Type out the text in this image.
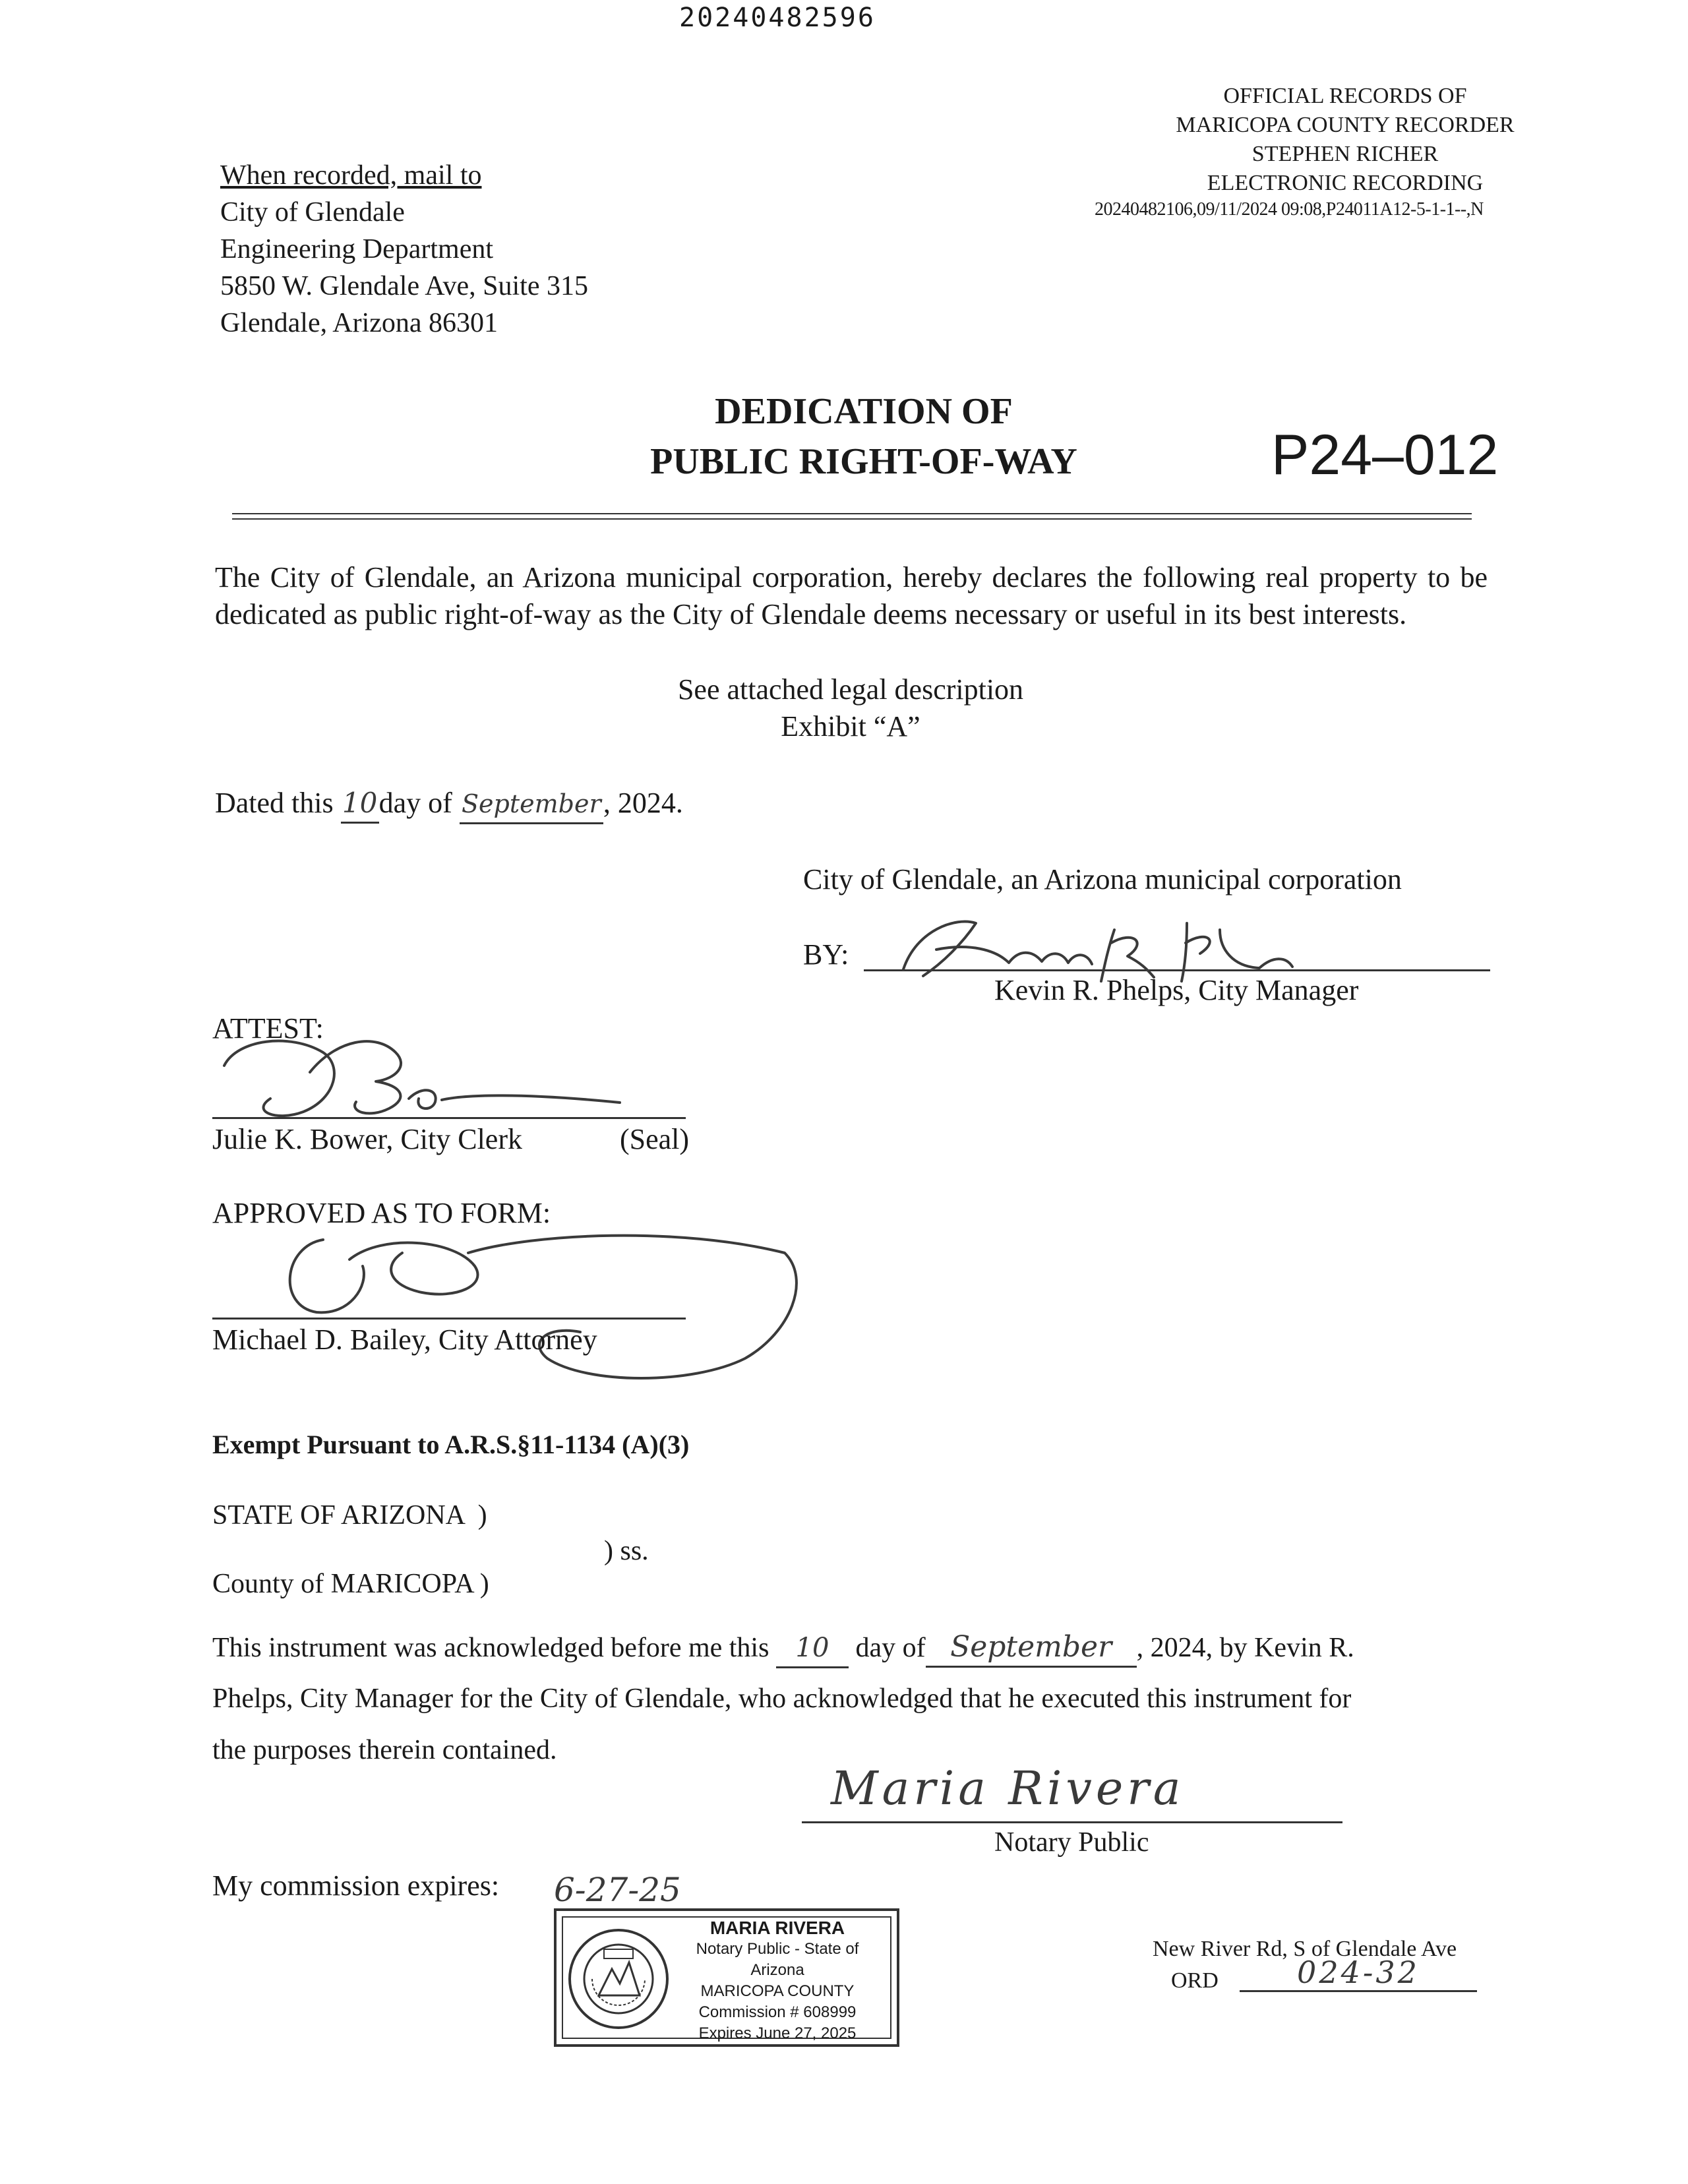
20240482596
OFFICIAL RECORDS OF
MARICOPA COUNTY RECORDER
STEPHEN RICHER
ELECTRONIC RECORDING
20240482106,09/11/2024 09:08,P24011A12-5-1-1--,N
When recorded, mail to
City of Glendale
Engineering Department
5850 W. Glendale Ave, Suite 315
Glendale, Arizona 86301
DEDICATION OF
PUBLIC RIGHT-OF-WAY	P24–012
The City of Glendale, an Arizona municipal corporation, hereby declares the following real property to be dedicated as public right-of-way as the City of Glendale deems necessary or useful in its best interests.
See attached legal description
Exhibit “A”
Dated this 10day of September, 2024.
City of Glendale, an Arizona municipal corporation
BY:
Kevin R. Phelps, City Manager
ATTEST:
Julie K. Bower, City Clerk	(Seal)
APPROVED AS TO FORM:
Michael D. Bailey, City Attorney
Exempt Pursuant to A.R.S.§11-1134 (A)(3)
STATE OF ARIZONA  )
) ss.
County of MARICOPA )
This instrument was acknowledged before me this 10 day of September , 2024, by Kevin R.
Phelps, City Manager for the City of Glendale, who acknowledged that he executed this instrument for
the purposes therein contained.
Maria Rivera
Notary Public
My commission expires: 6-27-25
MARIA RIVERA
Notary Public - State of Arizona
MARICOPA COUNTY
Commission # 608999
Expires June 27, 2025
New River Rd, S of Glendale Ave
ORD	024-32
